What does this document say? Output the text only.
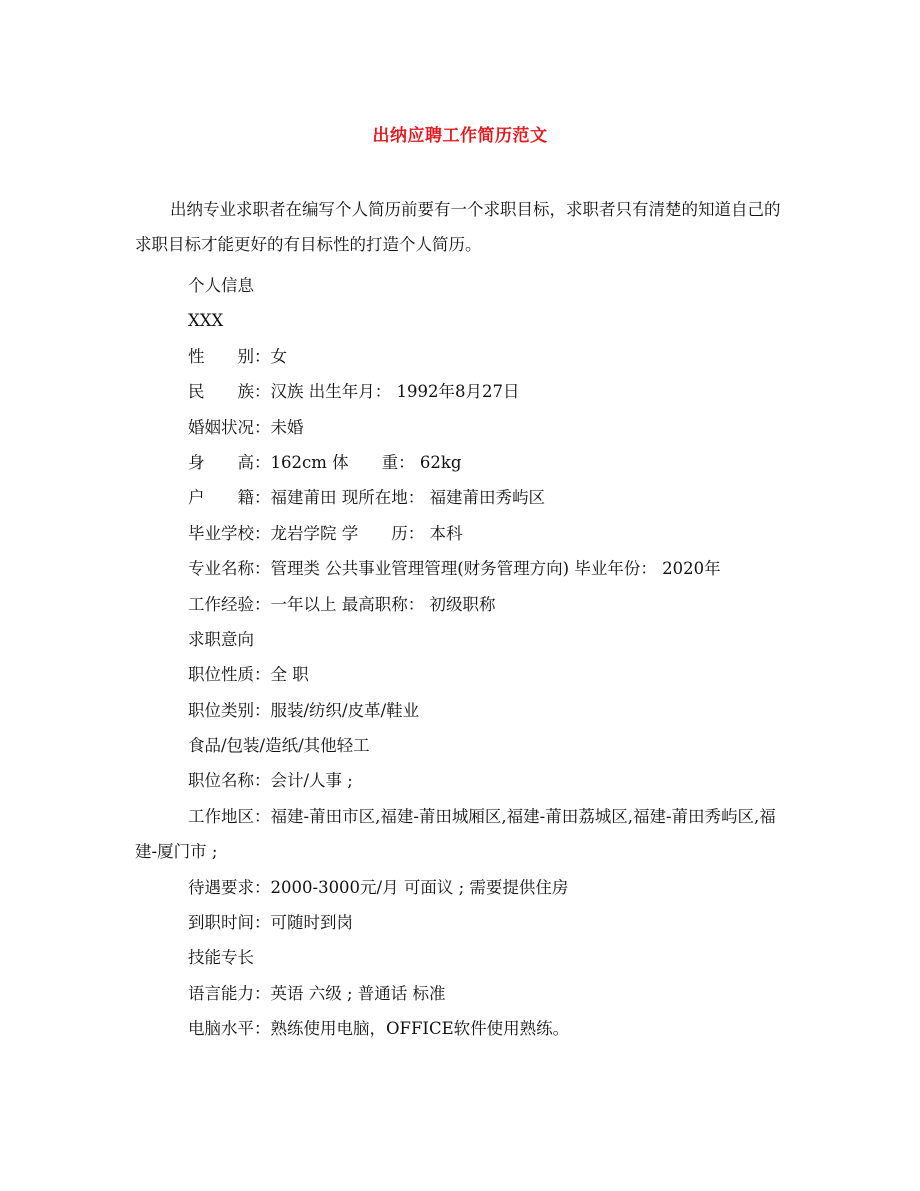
出纳应聘工作简历范文

出纳专业求职者在编写个人简历前要有一个求职目标，求职者只有清楚的知道自己的求职目标才能更好的有目标性的打造个人简历。

个人信息
XXX
性　　别：女
民　　族：汉族 出生年月： 1992年8月27日
婚姻状况：未婚
身　　高：162cm 体　　重： 62kg
户　　籍：福建莆田 现所在地： 福建莆田秀屿区
毕业学校：龙岩学院 学　　历： 本科
专业名称：管理类 公共事业管理管理(财务管理方向) 毕业年份： 2020年
工作经验：一年以上 最高职称： 初级职称
求职意向
职位性质：全 职
职位类别：服装/纺织/皮革/鞋业
食品/包装/造纸/其他轻工
职位名称：会计/人事 ;
工作地区：福建-莆田市区,福建-莆田城厢区,福建-莆田荔城区,福建-莆田秀屿区,福建-厦门市 ;
待遇要求：2000-3000元/月 可面议 ; 需要提供住房
到职时间：可随时到岗
技能专长
语言能力：英语 六级 ; 普通话 标准
电脑水平：熟练使用电脑，OFFICE软件使用熟练。
